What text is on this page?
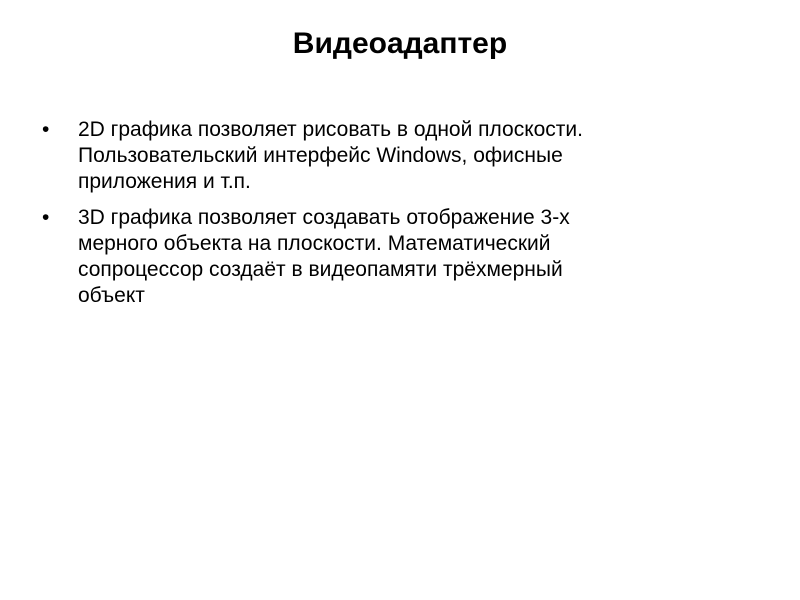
Видеоадаптер
•	2D графика позволяет рисовать в одной плоскости.
Пользовательский интерфейс Windows, офисные
приложения и т.п.
•	3D графика позволяет создавать отображение 3-х
мерного объекта на плоскости. Математический
сопроцессор создаёт в видеопамяти трёхмерный
объект
